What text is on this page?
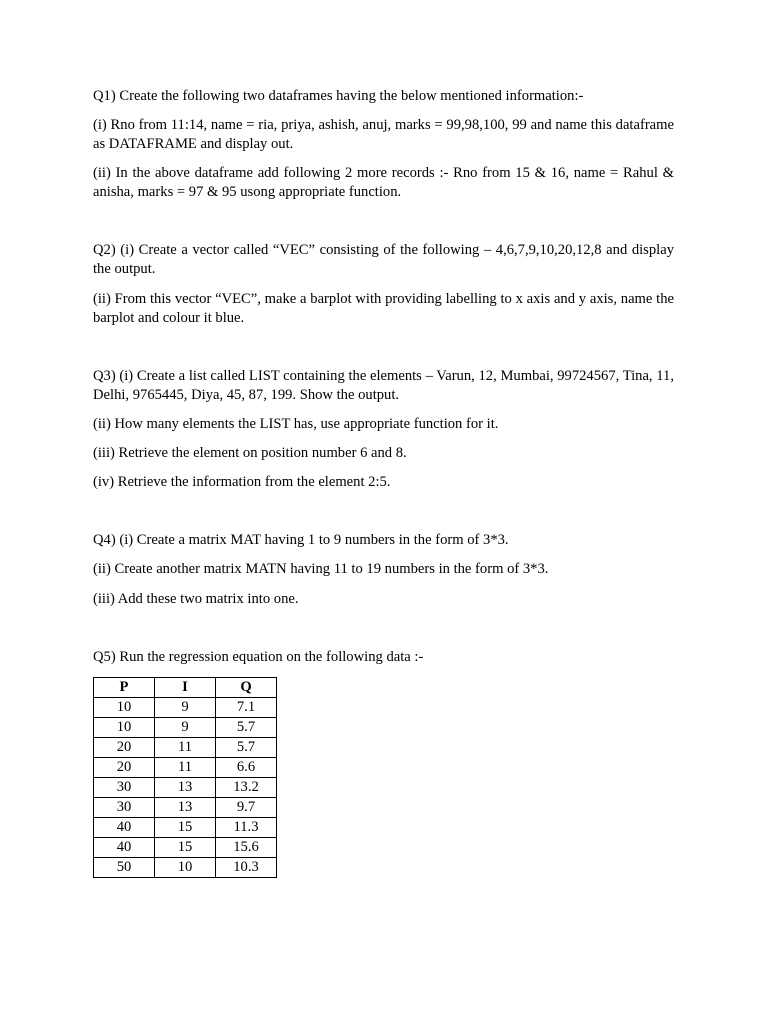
Q1) Create the following two dataframes having the below mentioned information:-

(i) Rno from 11:14, name = ria, priya, ashish, anuj, marks = 99,98,100, 99 and name this dataframe as DATAFRAME and display out.

(ii) In the above dataframe add following 2 more records :- Rno from 15 & 16, name = Rahul & anisha, marks = 97 & 95 usong appropriate function.

Q2) (i) Create a vector called “VEC” consisting of the following – 4,6,7,9,10,20,12,8 and display the output.

(ii) From this vector “VEC”, make a barplot with providing labelling to x axis and y axis, name the barplot and colour it blue.

Q3) (i) Create a list called LIST containing the elements – Varun, 12, Mumbai, 99724567, Tina, 11, Delhi, 9765445, Diya, 45, 87, 199. Show the output.

(ii) How many elements the LIST has, use appropriate function for it.

(iii) Retrieve the element on position number 6 and 8.

(iv) Retrieve the information from the element 2:5.

Q4) (i) Create a matrix MAT having 1 to 9 numbers in the form of 3*3.

(ii) Create another matrix MATN having 11 to 19 numbers in the form of 3*3.

(iii) Add these two matrix into one.

Q5) Run the regression equation on the following data :-

P	I	Q
10	9	7.1
10	9	5.7
20	11	5.7
20	11	6.6
30	13	13.2
30	13	9.7
40	15	11.3
40	15	15.6
50	10	10.3
